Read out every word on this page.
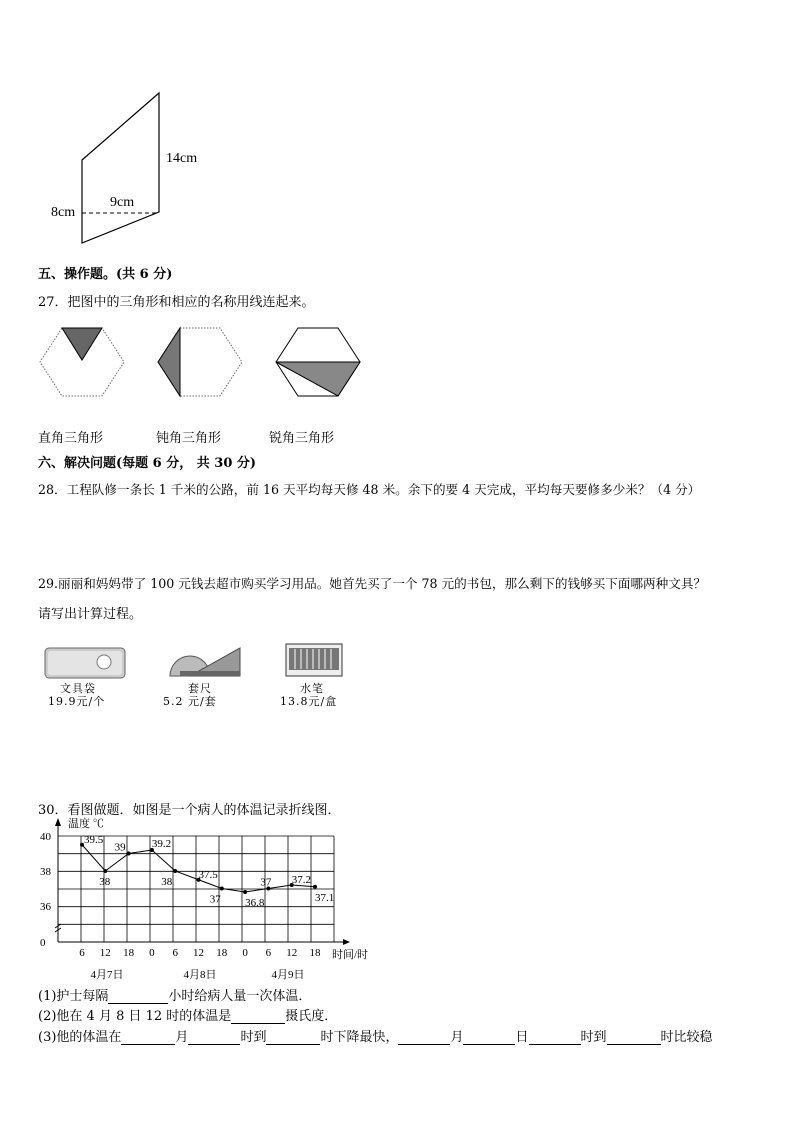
14cm
9cm
8cm
五、操作题。(共 6 分)
27．把图中的三角形和相应的名称用线连起来。
直角三角形	钝角三角形	锐角三角形
六、解决问题(每题 6 分， 共 30 分)
28．工程队修一条长 1 千米的公路，前 16 天平均每天修 48 米。余下的要 4 天完成，平均每天要修多少米？（4 分）
29.丽丽和妈妈带了 100 元钱去超市购买学习用品。她首先买了一个 78 元的书包，那么剩下的钱够买下面哪两种文具？
请写出计算过程。
文具袋
19.9元/个
套尺
5.2 元/套
水笔
13.8元/盒
30．看图做题．如图是一个病人的体温记录折线图．
温度 ℃
40
38
36
0
6 12 18 0 6 12 18 0 6 12 18 时间/时
4月7日	4月8日	4月9日
39.5
38
39 39.2
38
37.5
37 36.8
37 37.2
37.1
(1)护士每隔	小时给病人量一次体温．
(2)他在 4 月 8 日 12 时的体温是	摄氏度．
(3)他的体温在	月	时到	时下降最快，	月	日	时到	时比较稳
